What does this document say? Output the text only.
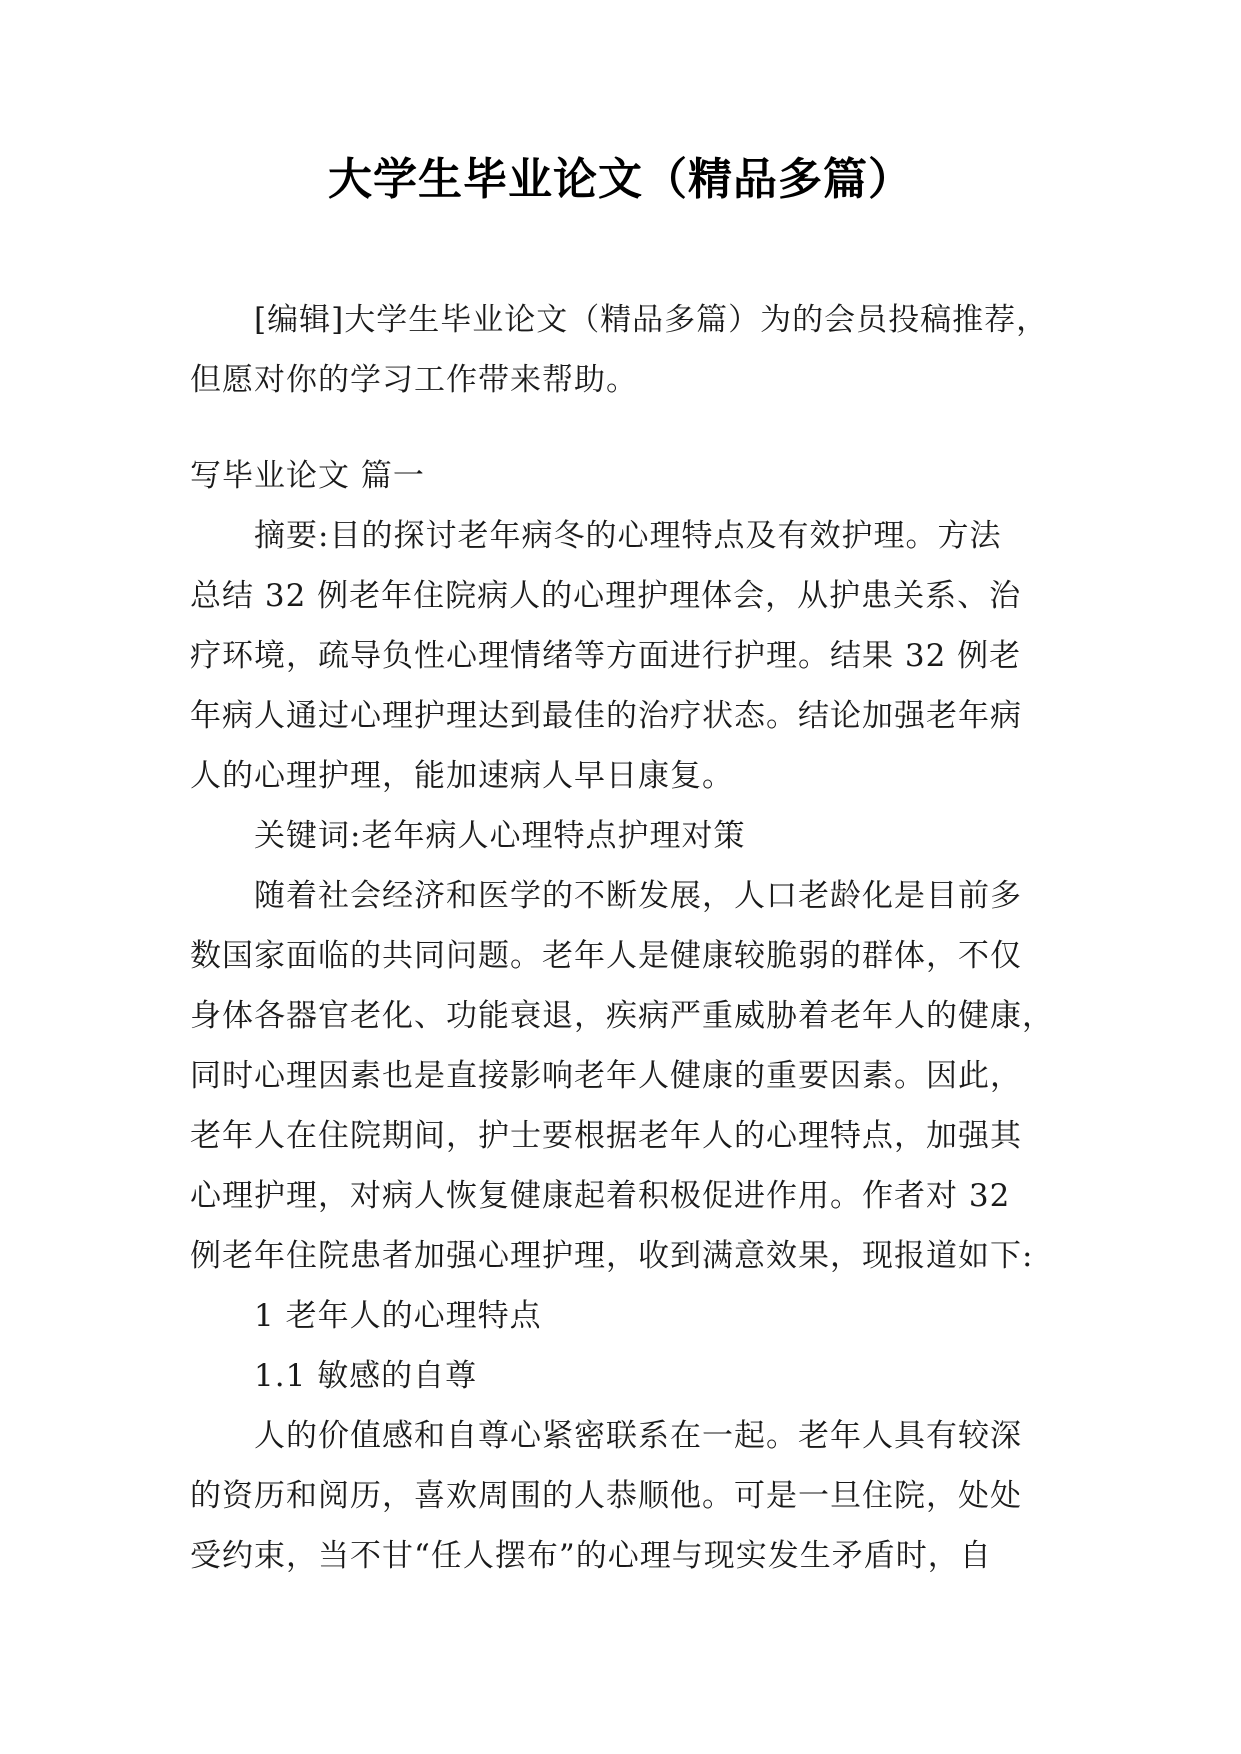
大学生毕业论文（精品多篇）

[编辑]大学生毕业论文（精品多篇）为的会员投稿推荐，

但愿对你的学习工作带来帮助。

写毕业论文 篇一

摘要:目的探讨老年病冬的心理特点及有效护理。方法

总结 32 例老年住院病人的心理护理体会，从护患关系、治

疗环境，疏导负性心理情绪等方面进行护理。结果 32 例老

年病人通过心理护理达到最佳的治疗状态。结论加强老年病

人的心理护理，能加速病人早日康复。

关键词:老年病人心理特点护理对策

随着社会经济和医学的不断发展，人口老龄化是目前多

数国家面临的共同问题。老年人是健康较脆弱的群体，不仅

身体各器官老化、功能衰退，疾病严重威胁着老年人的健康，

同时心理因素也是直接影响老年人健康的重要因素。因此，

老年人在住院期间，护士要根据老年人的心理特点，加强其

心理护理，对病人恢复健康起着积极促进作用。作者对 32

例老年住院患者加强心理护理，收到满意效果，现报道如下:

1 老年人的心理特点

1.1 敏感的自尊

人的价值感和自尊心紧密联系在一起。老年人具有较深

的资历和阅历，喜欢周围的人恭顺他。可是一旦住院，处处

受约束，当不甘“任人摆布”的心理与现实发生矛盾时，自
